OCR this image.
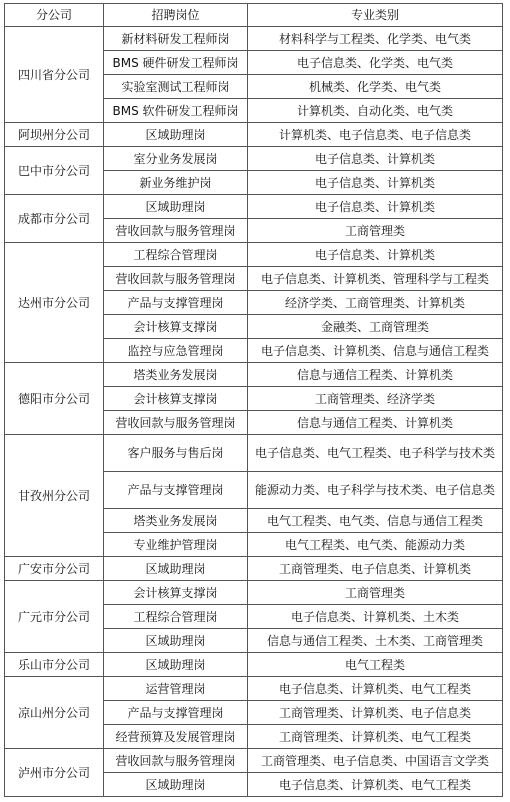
分公司	招聘岗位	专业类别
四川省分公司	新材料研发工程师岗	材料科学与工程类、化学类、电气类
	BMS 硬件研发工程师岗	电子信息类、化学类、电气类
	实验室测试工程师岗	机械类、化学类、电气类
	BMS 软件研发工程师岗	计算机类、自动化类、电气类
阿坝州分公司	区域助理岗	计算机类、电子信息类、电子信息类
巴中市分公司	室分业务发展岗	电子信息类、计算机类
	新业务维护岗	电子信息类、计算机类
成都市分公司	区域助理岗	电子信息类、计算机类
	营收回款与服务管理岗	工商管理类
达州市分公司	工程综合管理岗	电子信息类、计算机类
	营收回款与服务管理岗	电子信息类、计算机类、管理科学与工程类
	产品与支撑管理岗	经济学类、工商管理类、计算机类
	会计核算支撑岗	金融类、工商管理类
	监控与应急管理岗	电子信息类、计算机类、信息与通信工程类
德阳市分公司	塔类业务发展岗	信息与通信工程类、计算机类
	会计核算支撑岗	工商管理类、经济学类
	营收回款与服务管理岗	信息与通信工程类、计算机类
甘孜州分公司	客户服务与售后岗	电子信息类、电气工程类、电子科学与技术类
	产品与支撑管理岗	能源动力类、电子科学与技术类、电子信息类
	塔类业务发展岗	电气工程类、电气类、信息与通信工程类
	专业维护管理岗	电气工程类、电气类、能源动力类
广安市分公司	区域助理岗	工商管理类、电子信息类、计算机类
广元市分公司	会计核算支撑岗	工商管理类
	工程综合管理岗	电子信息类、计算机类、土木类
	区域助理岗	信息与通信工程类、土木类、工商管理类
乐山市分公司	区域助理岗	电气工程类
凉山州分公司	运营管理岗	电子信息类、计算机类、电气工程类
	产品与支撑管理岗	工商管理类、计算机类、电子信息类
	经营预算及发展管理岗	工商管理类、计算机类、电气工程类
泸州市分公司	营收回款与服务管理岗	工商管理类、电子信息类、中国语言文学类
	区域助理岗	电子信息类、计算机类、电气工程类
